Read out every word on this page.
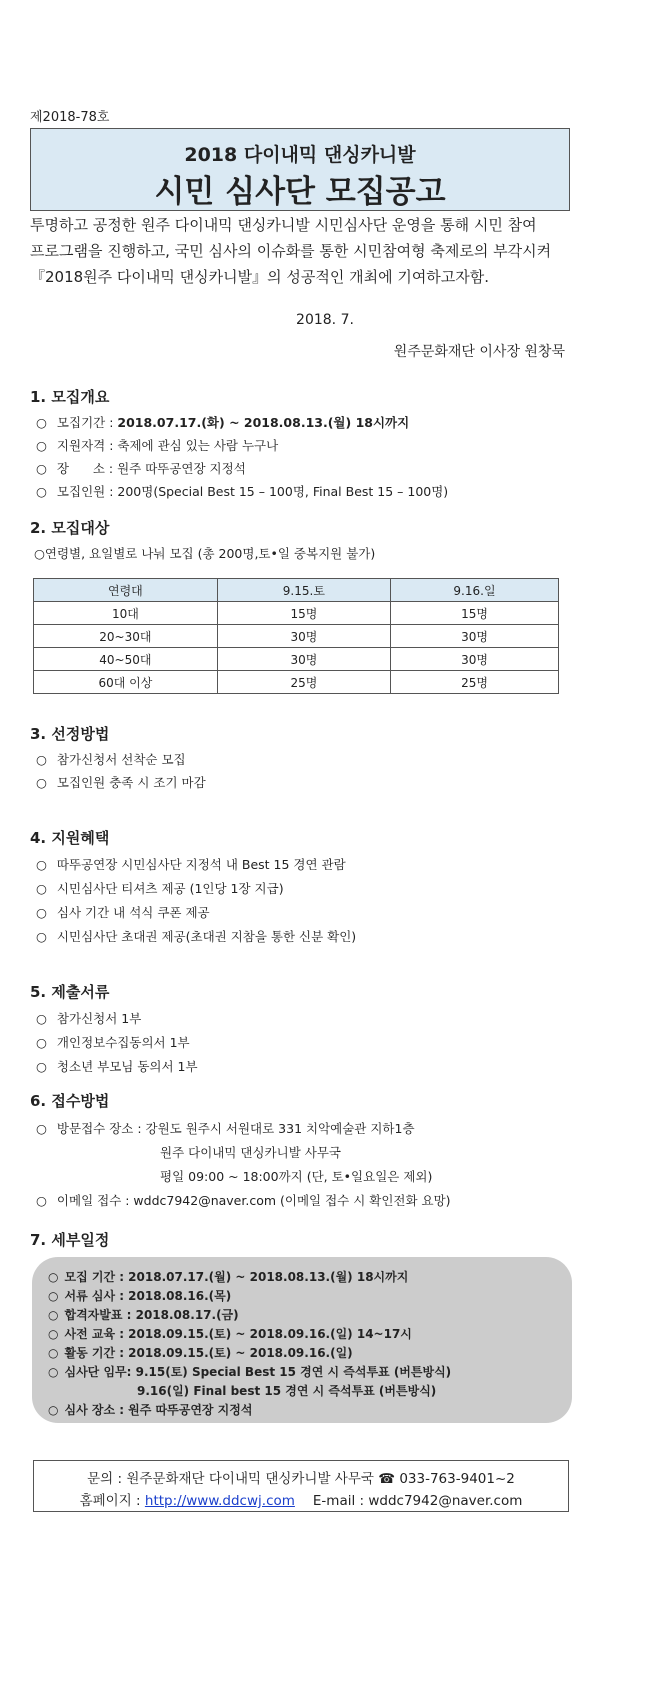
제2018-78호
2018 다이내믹 댄싱카니발
시민 심사단 모집공고
투명하고 공정한 원주 다이내믹 댄싱카니발 시민심사단 운영을 통해 시민 참여
프로그램을 진행하고, 국민 심사의 이슈화를 통한 시민참여형 축제로의 부각시켜
『2018원주 다이내믹 댄싱카니발』의 성공적인 개최에 기여하고자함.
2018. 7.
원주문화재단 이사장 원창묵
1. 모집개요
○ 모집기간 : 2018.07.17.(화) ~ 2018.08.13.(월) 18시까지
○ 지원자격 : 축제에 관심 있는 사람 누구나
○ 장      소 : 원주 따뚜공연장 지정석
○ 모집인원 : 200명(Special Best 15 – 100명, Final Best 15 – 100명)
2. 모집대상
○연령별, 요일별로 나눠 모집 (총 200명,토•일 중복지원 불가)
연령대	9.15.토	9.16.일
10대	15명	15명
20~30대	30명	30명
40~50대	30명	30명
60대 이상	25명	25명
3. 선정방법
○ 참가신청서 선착순 모집
○ 모집인원 충족 시 조기 마감
4. 지원혜택
○ 따뚜공연장 시민심사단 지정석 내 Best 15 경연 관람
○ 시민심사단 티셔츠 제공 (1인당 1장 지급)
○ 심사 기간 내 석식 쿠폰 제공
○ 시민심사단 초대권 제공(초대권 지참을 통한 신분 확인)
5. 제출서류
○ 참가신청서 1부
○ 개인정보수집동의서 1부
○ 청소년 부모님 동의서 1부
6. 접수방법
○ 방문접수 장소 : 강원도 원주시 서원대로 331 치악예술관 지하1층
원주 다이내믹 댄싱카니발 사무국
평일 09:00 ~ 18:00까지 (단, 토•일요일은 제외)
○ 이메일 접수 : wddc7942@naver.com (이메일 접수 시 확인전화 요망)
7. 세부일정
○ 모집 기간 : 2018.07.17.(월) ~ 2018.08.13.(월) 18시까지
○ 서류 심사 : 2018.08.16.(목)
○ 합격자발표 : 2018.08.17.(금)
○ 사전 교육 : 2018.09.15.(토) ~ 2018.09.16.(일) 14~17시
○ 활동 기간 : 2018.09.15.(토) ~ 2018.09.16.(일)
○ 심사단 임무: 9.15(토) Special Best 15 경연 시 즉석투표 (버튼방식)
9.16(일) Final best 15 경연 시 즉석투표 (버튼방식)
○ 심사 장소 : 원주 따뚜공연장 지정석
문의 : 원주문화재단 다이내믹 댄싱카니발 사무국 ☎ 033-763-9401~2
홈페이지 : http://www.ddcwj.com E-mail : wddc7942@naver.com
